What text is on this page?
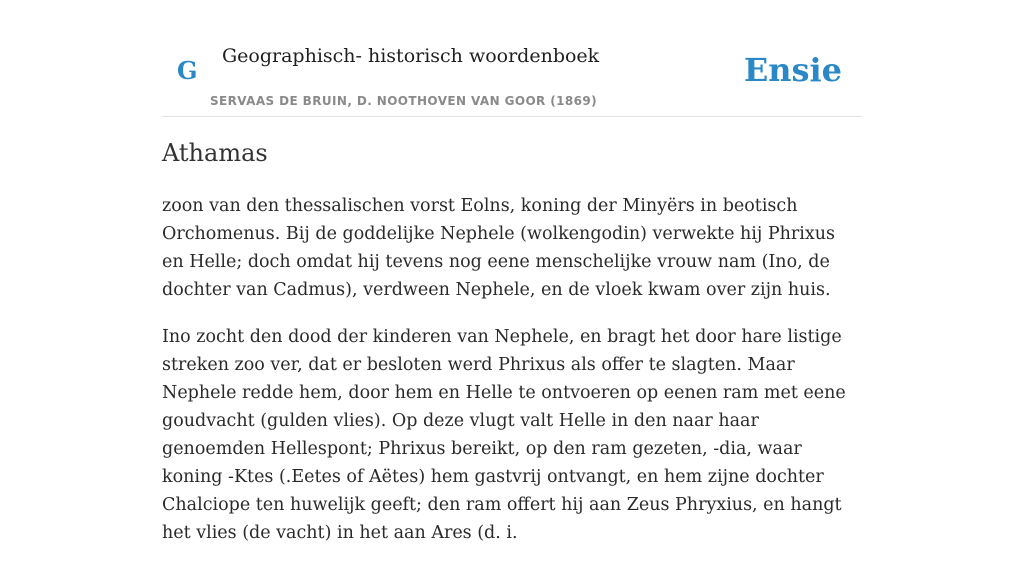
G Geographisch- historisch woordenboek
SERVAAS DE BRUIN, D. NOOTHOVEN VAN GOOR (1869)
Ensie
Athamas

zoon van den thessalischen vorst Eolns, koning der Minyërs in beotisch Orchomenus. Bij de goddelijke Nephele (wolkengodin) verwekte hij Phrixus en Helle; doch omdat hij tevens nog eene menschelijke vrouw nam (Ino, de dochter van Cadmus), verdween Nephele, en de vloek kwam over zijn huis.

Ino zocht den dood der kinderen van Nephele, en bragt het door hare listige streken zoo ver, dat er besloten werd Phrixus als offer te slagten. Maar Nephele redde hem, door hem en Helle te ontvoeren op eenen ram met eene goudvacht (gulden vlies). Op deze vlugt valt Helle in den naar haar genoemden Hellespont; Phrixus bereikt, op den ram gezeten, -dia, waar koning -Ktes (.Eetes of Aëtes) hem gastvrij ontvangt, en hem zijne dochter Chalciope ten huwelijk geeft; den ram offert hij aan Zeus Phryxius, en hangt het vlies (de vacht) in het aan Ares (d. i.
